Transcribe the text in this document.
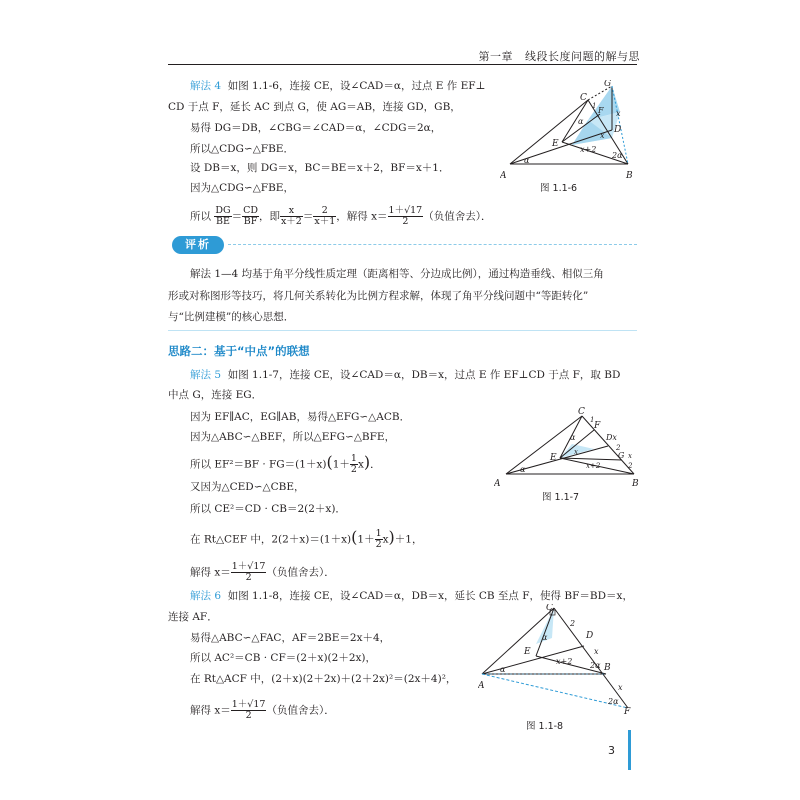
第一章 线段长度问题的解与思
解法 4 如图 1.1-6，连接 CE，设∠CAD＝α，过点 E 作 EF⊥
CD 于点 F，延长 AC 到点 G，使 AG＝AB，连接 GD，GB，
易得 DG＝DB，∠CBG＝∠CAD＝α，∠CDG＝2α，
所以△CDG∽△FBE．
设 DB＝x，则 DG＝x，BC＝BE＝x＋2，BF＝x＋1．
因为△CDG∽△FBE，
所以 $\frac{DG}{BE} = \frac{CD}{BF}$ ，即 $\frac{x}{x+2} = \frac{2}{x+1}$ ，解得 $x= \frac{1+√17}{2}$ （负值舍去）．
A	B
C
G
D
E
F
α
α
x
x
x+2
2α
1
图 1.1-6
评析
解法 1—4 均基于角平分线性质定理（距离相等、分边成比例），通过构造垂线、相似三角
形或对称图形等技巧，将几何关系转化为比例方程求解，体现了角平分线问题中“等距转化”
与“比例建模”的核心思想．
思路二：基于“中点”的联想
解法 5 如图 1.1-7，连接 CE，设∠CAD＝α，DB＝x，过点 E 作 EF⊥CD 于点 F，取 BD
中点 G，连接 EG．
因为 EF∥AC，EG∥AB，易得△EFG∽△ACB．
因为△ABC∽△BEF，所以△EFG∽△BFE，
所以 $EF^2=BF \cdot FG=(1+x)(1+ \frac{1}{2} x)$．
又因为△CED∽△CBE，
所以 CE²＝CD · CB＝2(2＋x)．
在 Rt△CEF 中，$2(2+x)=(1+x)(1+ \frac{1}{2} x)+1$，
解得 $x= \frac{1+√17}{2}$ （负值舍去）．
A	B
C
F
E	G
Dx
2
1
α
α
x+2
x
2
x
图 1.1-7
解法 6 如图 1.1-8，连接 CE，设∠CAD＝α，DB＝x，延长 CB 至点 F，使得 BF＝BD＝x，
连接 AF．
易得△ABC∽△FAC，AF＝2BE＝2x＋4，
所以 AC²＝CB · CF＝(2＋x)(2＋2x)，
在 Rt△ACF 中，(2＋x)(2＋2x)＋(2＋2x)²＝(2x＋4)²，
解得 $x= \frac{1+√17}{2}$ （负值舍去）．
A
B
C
D
E
F
2
x+2
x
x
α
α
2α
2α
图 1.1-8
3
